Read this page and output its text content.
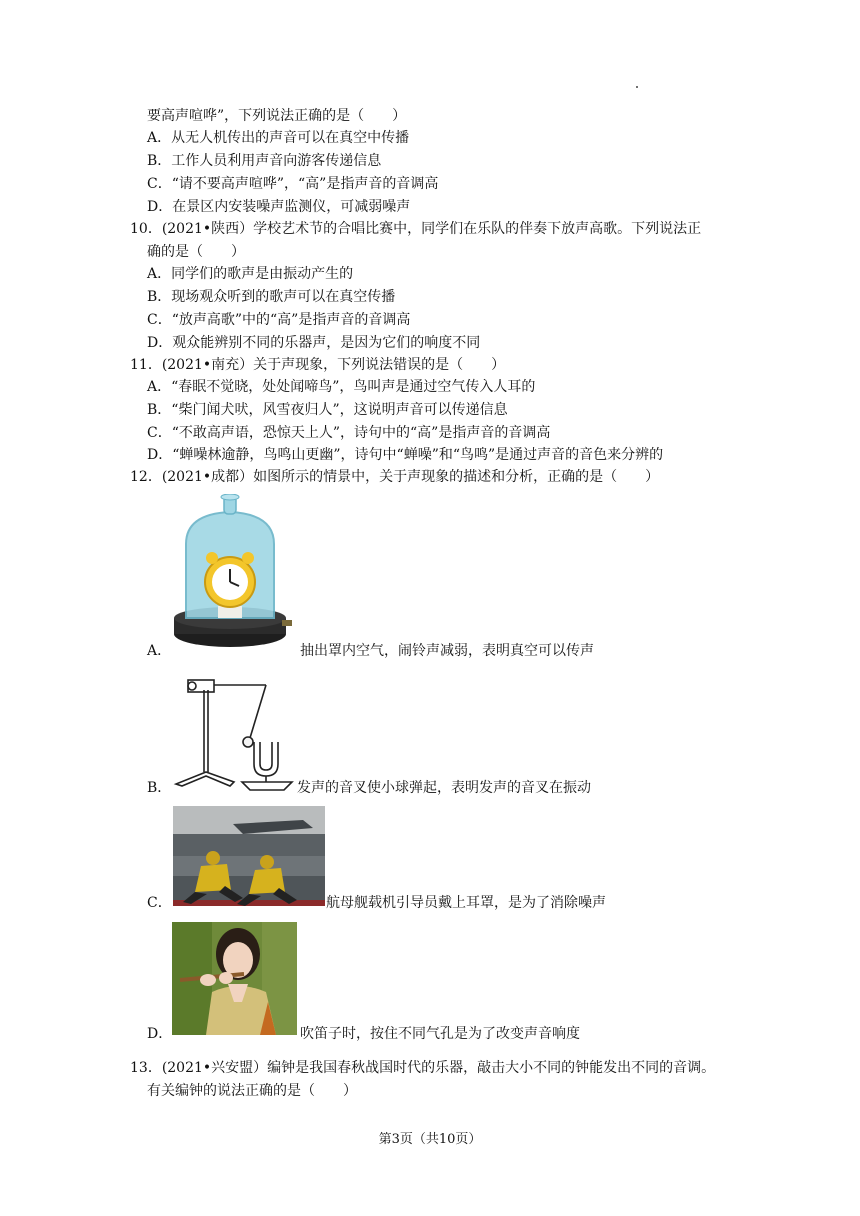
要高声喧哗”，下列说法正确的是（　　）
A．从无人机传出的声音可以在真空中传播
B．工作人员利用声音向游客传递信息
C．“请不要高声喧哗”，“高”是指声音的音调高
D．在景区内安装噪声监测仪，可减弱噪声
10．(2021•陕西）学校艺术节的合唱比赛中，同学们在乐队的伴奏下放声高歌。下列说法正
确的是（　　）
A．同学们的歌声是由振动产生的
B．现场观众听到的歌声可以在真空传播
C．“放声高歌”中的“高”是指声音的音调高
D．观众能辨别不同的乐器声，是因为它们的响度不同
11．(2021•南充）关于声现象，下列说法错误的是（　　）
A．“春眠不觉晓，处处闻啼鸟”，鸟叫声是通过空气传入人耳的
B．“柴门闻犬吠，风雪夜归人”，这说明声音可以传递信息
C．“不敢高声语，恐惊天上人”，诗句中的“高”是指声音的音调高
D．“蝉噪林逾静，鸟鸣山更幽”，诗句中“蝉噪”和“鸟鸣”是通过声音的音色来分辨的
12．(2021•成都）如图所示的情景中，关于声现象的描述和分析，正确的是（　　）
A．	抽出罩内空气，闹铃声减弱，表明真空可以传声
B．	发声的音叉使小球弹起，表明发声的音叉在振动
C．	航母舰载机引导员戴上耳罩，是为了消除噪声
D．	吹笛子时，按住不同气孔是为了改变声音响度
13．(2021•兴安盟）编钟是我国春秋战国时代的乐器，敲击大小不同的钟能发出不同的音调。
有关编钟的说法正确的是（　　）
第3页（共10页）
